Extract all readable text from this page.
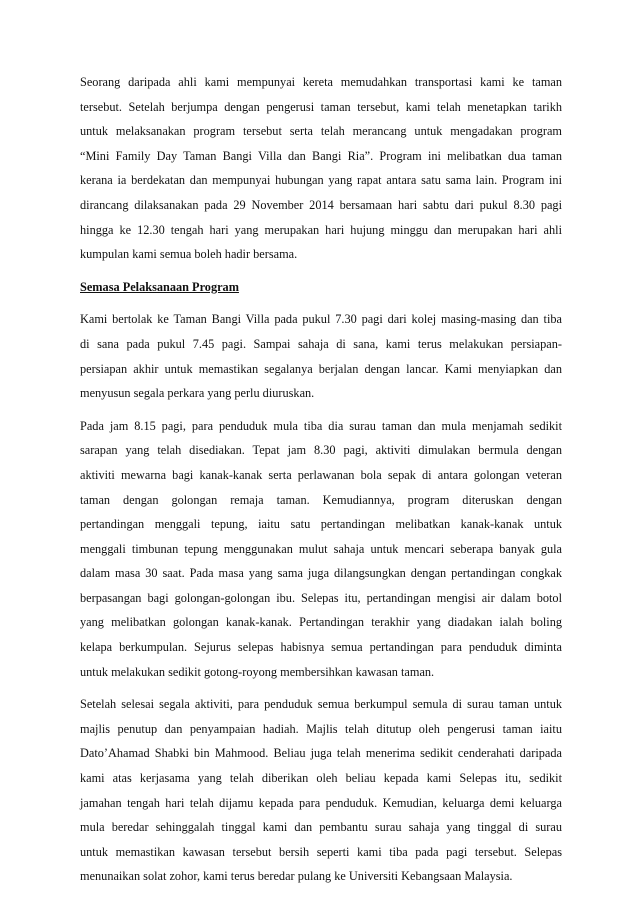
Seorang daripada ahli kami mempunyai kereta memudahkan transportasi kami ke taman
tersebut. Setelah berjumpa dengan pengerusi taman tersebut, kami telah menetapkan tarikh
untuk melaksanakan program tersebut serta telah merancang untuk mengadakan program
“Mini Family Day Taman Bangi Villa dan Bangi Ria”. Program ini melibatkan dua taman
kerana ia berdekatan dan mempunyai hubungan yang rapat antara satu sama lain. Program ini
dirancang dilaksanakan pada 29 November 2014 bersamaan hari sabtu dari pukul 8.30 pagi
hingga ke 12.30 tengah hari yang merupakan hari hujung minggu dan merupakan hari ahli
kumpulan kami semua boleh hadir bersama.
Semasa Pelaksanaan Program
Kami bertolak ke Taman Bangi Villa pada pukul 7.30 pagi dari kolej masing-masing dan tiba
di sana pada pukul 7.45 pagi. Sampai sahaja di sana, kami terus melakukan persiapan-
persiapan akhir untuk memastikan segalanya berjalan dengan lancar. Kami menyiapkan dan
menyusun segala perkara yang perlu diuruskan.
Pada jam 8.15 pagi, para penduduk mula tiba dia surau taman dan mula menjamah sedikit
sarapan yang telah disediakan. Tepat jam 8.30 pagi, aktiviti dimulakan bermula dengan
aktiviti mewarna bagi kanak-kanak serta perlawanan bola sepak di antara golongan veteran
taman dengan golongan remaja taman. Kemudiannya, program diteruskan dengan
pertandingan menggali tepung, iaitu satu pertandingan melibatkan kanak-kanak untuk
menggali timbunan tepung menggunakan mulut sahaja untuk mencari seberapa banyak gula
dalam masa 30 saat. Pada masa yang sama juga dilangsungkan dengan pertandingan congkak
berpasangan bagi golongan-golongan ibu. Selepas itu, pertandingan mengisi air dalam botol
yang melibatkan golongan kanak-kanak. Pertandingan terakhir yang diadakan ialah boling
kelapa berkumpulan. Sejurus selepas habisnya semua pertandingan para penduduk diminta
untuk melakukan sedikit gotong-royong membersihkan kawasan taman.
Setelah selesai segala aktiviti, para penduduk semua berkumpul semula di surau taman untuk
majlis penutup dan penyampaian hadiah. Majlis telah ditutup oleh pengerusi taman iaitu
Dato’Ahamad Shabki bin Mahmood. Beliau juga telah menerima sedikit cenderahati daripada
kami atas kerjasama yang telah diberikan oleh beliau kepada kami Selepas itu, sedikit
jamahan tengah hari telah dijamu kepada para penduduk. Kemudian, keluarga demi keluarga
mula beredar sehinggalah tinggal kami dan pembantu surau sahaja yang tinggal di surau
untuk memastikan kawasan tersebut bersih seperti kami tiba pada pagi tersebut. Selepas
menunaikan solat zohor, kami terus beredar pulang ke Universiti Kebangsaan Malaysia.
